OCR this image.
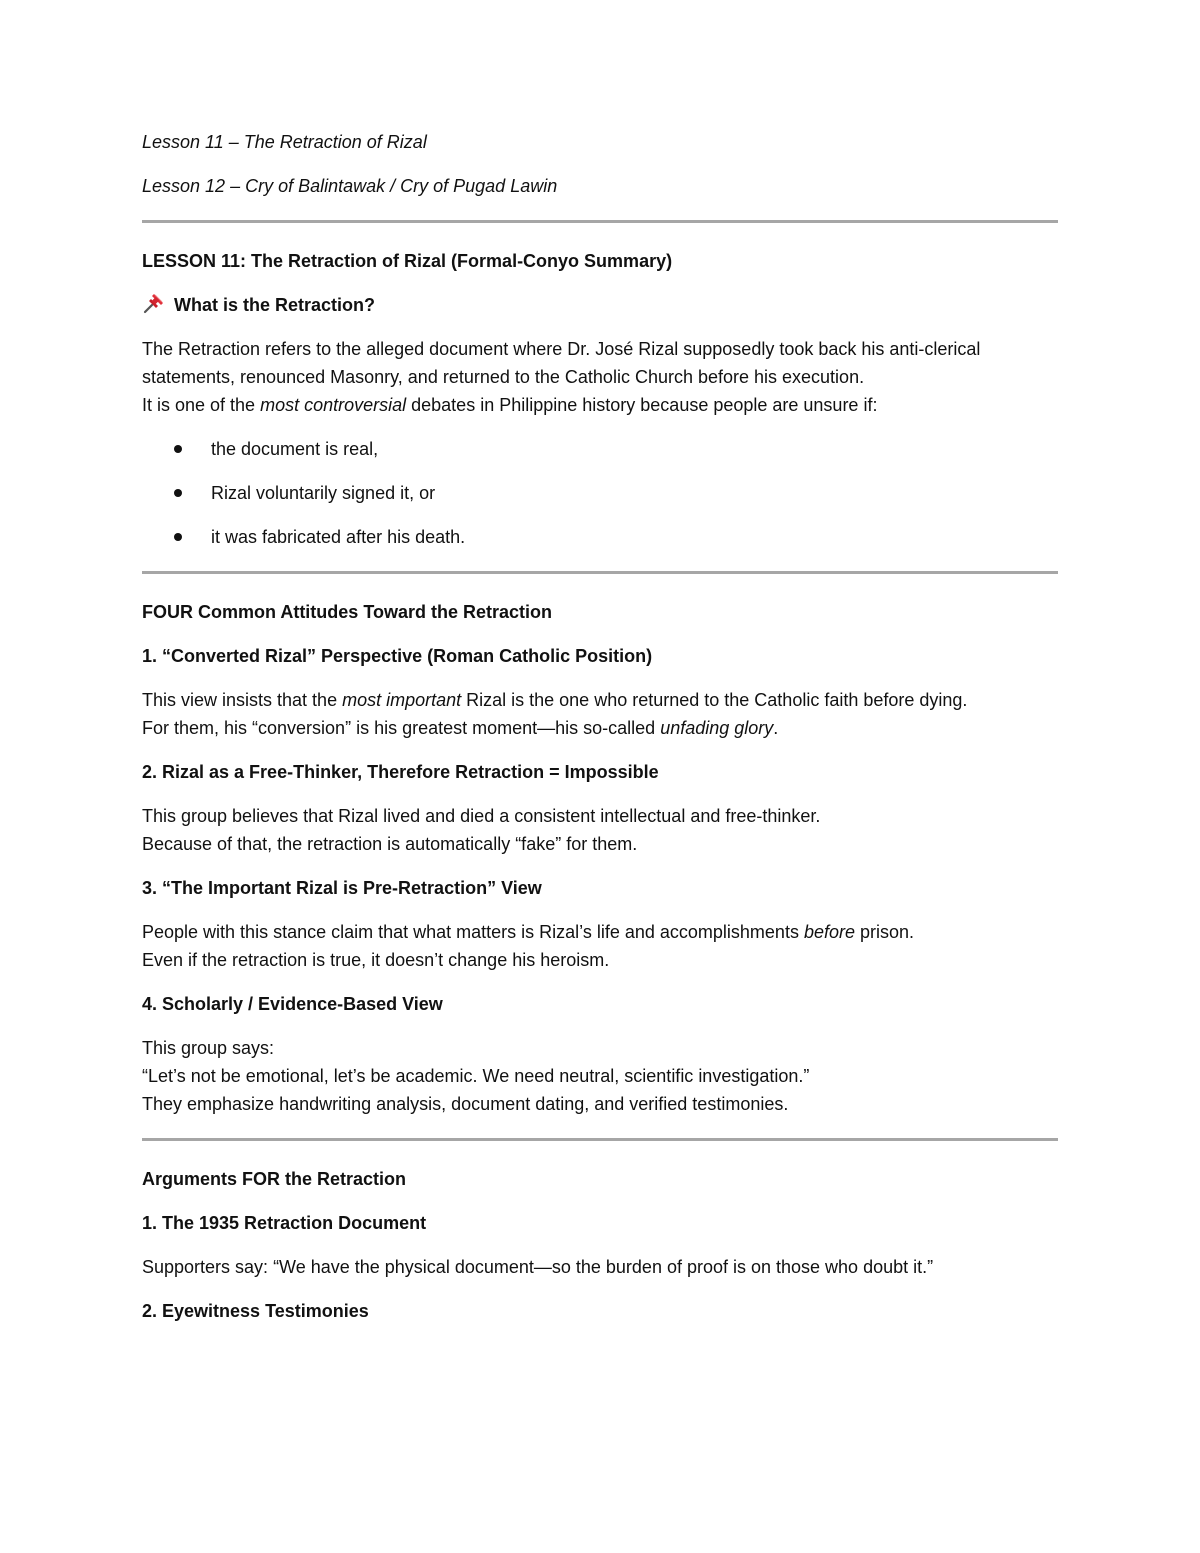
Lesson 11 – The Retraction of Rizal

Lesson 12 – Cry of Balintawak / Cry of Pugad Lawin

LESSON 11: The Retraction of Rizal (Formal-Conyo Summary)

What is the Retraction?

The Retraction refers to the alleged document where Dr. José Rizal supposedly took back his anti-clerical

statements, renounced Masonry, and returned to the Catholic Church before his execution.

It is one of the most controversial debates in Philippine history because people are unsure if:

the document is real,
Rizal voluntarily signed it, or
it was fabricated after his death.

FOUR Common Attitudes Toward the Retraction

1. “Converted Rizal” Perspective (Roman Catholic Position)

This view insists that the most important Rizal is the one who returned to the Catholic faith before dying.

For them, his “conversion” is his greatest moment—his so-called unfading glory.

2. Rizal as a Free-Thinker, Therefore Retraction = Impossible

This group believes that Rizal lived and died a consistent intellectual and free-thinker.

Because of that, the retraction is automatically “fake” for them.

3. “The Important Rizal is Pre-Retraction” View

People with this stance claim that what matters is Rizal’s life and accomplishments before prison.

Even if the retraction is true, it doesn’t change his heroism.

4. Scholarly / Evidence-Based View

This group says:

“Let’s not be emotional, let’s be academic. We need neutral, scientific investigation.”

They emphasize handwriting analysis, document dating, and verified testimonies.

Arguments FOR the Retraction

1. The 1935 Retraction Document

Supporters say: “We have the physical document—so the burden of proof is on those who doubt it.”

2. Eyewitness Testimonies
